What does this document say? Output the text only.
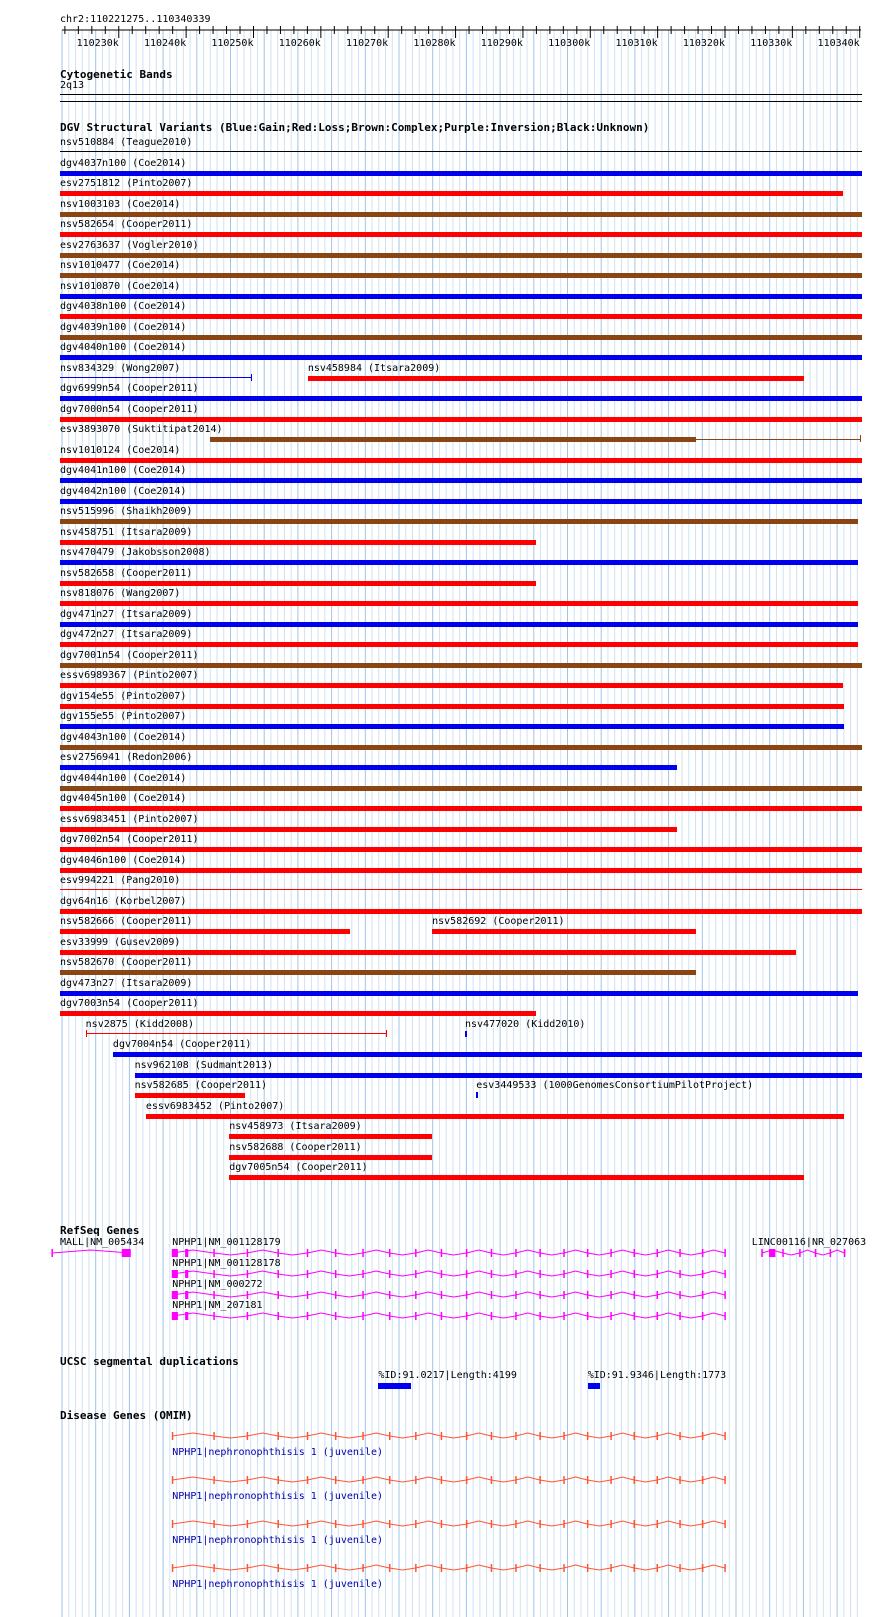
chr2:110221275..110340339
Cytogenetic Bands
2q13
DGV Structural Variants (Blue:Gain;Red:Loss;Brown:Complex;Purple:Inversion;Black:Unknown)
RefSeq Genes
UCSC segmental duplications
Disease Genes (OMIM)
110230k	110240k	110250k	110260k	110270k	110280k	110290k	110300k	110310k	110320k	110330k	110340k
nsv510884 (Teague2010)
dgv4037n100 (Coe2014)
esv2751812 (Pinto2007)
nsv1003103 (Coe2014)
nsv582654 (Cooper2011)
esv2763637 (Vogler2010)
nsv1010477 (Coe2014)
nsv1010870 (Coe2014)
dgv4038n100 (Coe2014)
dgv4039n100 (Coe2014)
dgv4040n100 (Coe2014)
nsv834329 (Wong2007)	nsv458984 (Itsara2009)
dgv6999n54 (Cooper2011)
dgv7000n54 (Cooper2011)
esv3893070 (Suktitipat2014)
nsv1010124 (Coe2014)
dgv4041n100 (Coe2014)
dgv4042n100 (Coe2014)
nsv515996 (Shaikh2009)
nsv458751 (Itsara2009)
nsv470479 (Jakobsson2008)
nsv582658 (Cooper2011)
nsv818076 (Wang2007)
dgv471n27 (Itsara2009)
dgv472n27 (Itsara2009)
dgv7001n54 (Cooper2011)
essv6989367 (Pinto2007)
dgv154e55 (Pinto2007)
dgv155e55 (Pinto2007)
dgv4043n100 (Coe2014)
esv2756941 (Redon2006)
dgv4044n100 (Coe2014)
dgv4045n100 (Coe2014)
essv6983451 (Pinto2007)
dgv7002n54 (Cooper2011)
dgv4046n100 (Coe2014)
esv994221 (Pang2010)
dgv64n16 (Korbel2007)
nsv582666 (Cooper2011)	nsv582692 (Cooper2011)
esv33999 (Gusev2009)
nsv582670 (Cooper2011)
dgv473n27 (Itsara2009)
dgv7003n54 (Cooper2011)
nsv2875 (Kidd2008)	nsv477020 (Kidd2010)
dgv7004n54 (Cooper2011)
nsv962108 (Sudmant2013)
nsv582685 (Cooper2011)	esv3449533 (1000GenomesConsortiumPilotProject)
essv6983452 (Pinto2007)
nsv458973 (Itsara2009)
nsv582688 (Cooper2011)
dgv7005n54 (Cooper2011)
MALL|NM_005434	NPHP1|NM_001128179	LINC00116|NR_027063
NPHP1|NM_001128178
NPHP1|NM_000272
NPHP1|NM_207181
%ID:91.0217|Length:4199	%ID:91.9346|Length:1773
NPHP1|nephronophthisis 1 (juvenile)
NPHP1|nephronophthisis 1 (juvenile)
NPHP1|nephronophthisis 1 (juvenile)
NPHP1|nephronophthisis 1 (juvenile)
